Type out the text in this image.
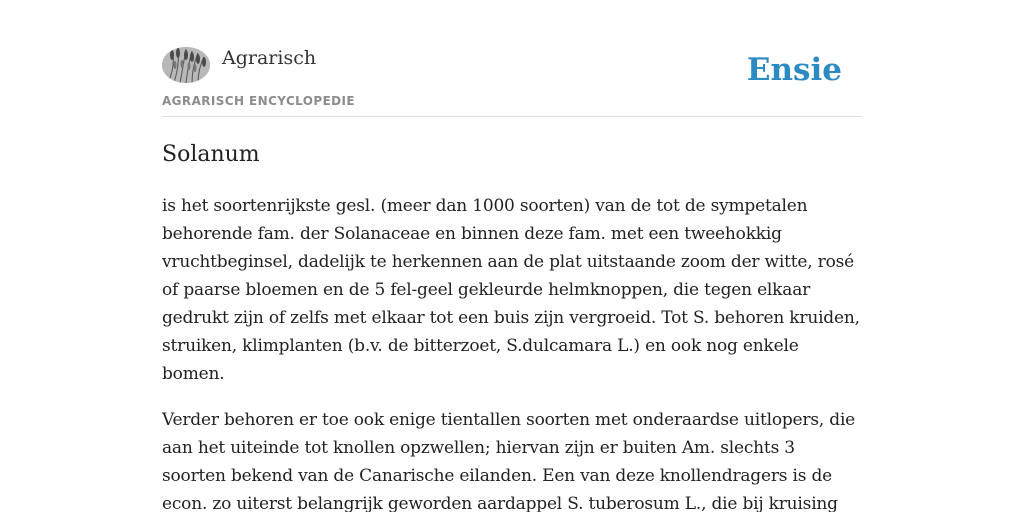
Agrarisch
AGRARISCH ENCYCLOPEDIE
Ensie
Solanum

is het soortenrijkste gesl. (meer dan 1000 soorten) van de tot de sympetalen behorende fam. der Solanaceae en binnen deze fam. met een tweehokkig vruchtbeginsel, dadelijk te herkennen aan de plat uitstaande zoom der witte, rosé of paarse bloemen en de 5 fel-geel gekleurde helmknoppen, die tegen elkaar gedrukt zijn of zelfs met elkaar tot een buis zijn vergroeid. Tot S. behoren kruiden, struiken, klimplanten (b.v. de bitterzoet, S.dulcamara L.) en ook nog enkele bomen.

Verder behoren er toe ook enige tientallen soorten met onderaardse uitlopers, die aan het uiteinde tot knollen opzwellen; hiervan zijn er buiten Am. slechts 3 soorten bekend van de Canarische eilanden. Een van deze knollendragers is de econ. zo uiterst belangrijk geworden aardappel S. tuberosum L., die bij kruising
